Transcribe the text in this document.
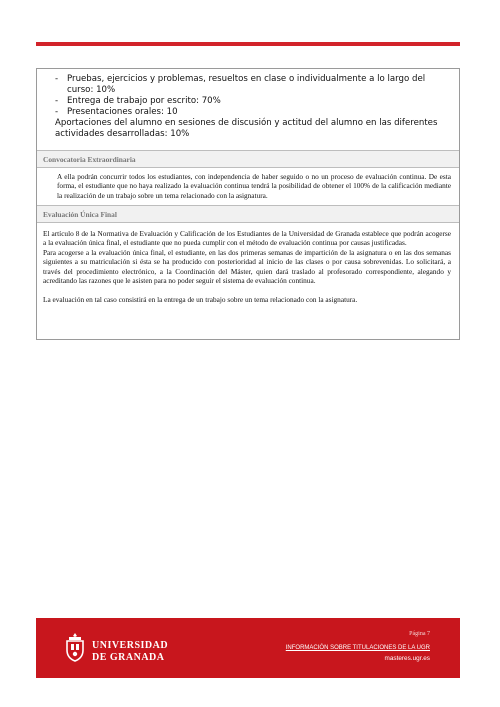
- Pruebas, ejercicios y problemas, resueltos en clase o individualmente a lo largo del curso: 10%
- Entrega de trabajo por escrito: 70%
- Presentaciones orales: 10

Aportaciones del alumno en sesiones de discusión y actitud del alumno en las diferentes actividades desarrolladas: 10%

Convocatoria Extraordinaria

A ella podrán concurrir todos los estudiantes, con independencia de haber seguido o no un proceso de evaluación continua. De esta forma, el estudiante que no haya realizado la evaluación continua tendrá la posibilidad de obtener el 100% de la calificación mediante la realización de un trabajo sobre un tema relacionado con la asignatura.

Evaluación Única Final

El artículo 8 de la Normativa de Evaluación y Calificación de los Estudiantes de la Universidad de Granada establece que podrán acogerse a la evaluación única final, el estudiante que no pueda cumplir con el método de evaluación continua por causas justificadas.

Para acogerse a la evaluación única final, el estudiante, en las dos primeras semanas de impartición de la asignatura o en las dos semanas siguientes a su matriculación si ésta se ha producido con posterioridad al inicio de las clases o por causa sobrevenidas. Lo solicitará, a través del procedimiento electrónico, a la Coordinación del Máster, quien dará traslado al profesorado correspondiente, alegando y acreditando las razones que le asisten para no poder seguir el sistema de evaluación continua.

La evaluación en tal caso consistirá en la entrega de un trabajo sobre un tema relacionado con la asignatura.

UNIVERSIDAD
DE GRANADA
Página 7
INFORMACIÓN SOBRE TITULACIONES DE LA UGR
masteres.ugr.es
